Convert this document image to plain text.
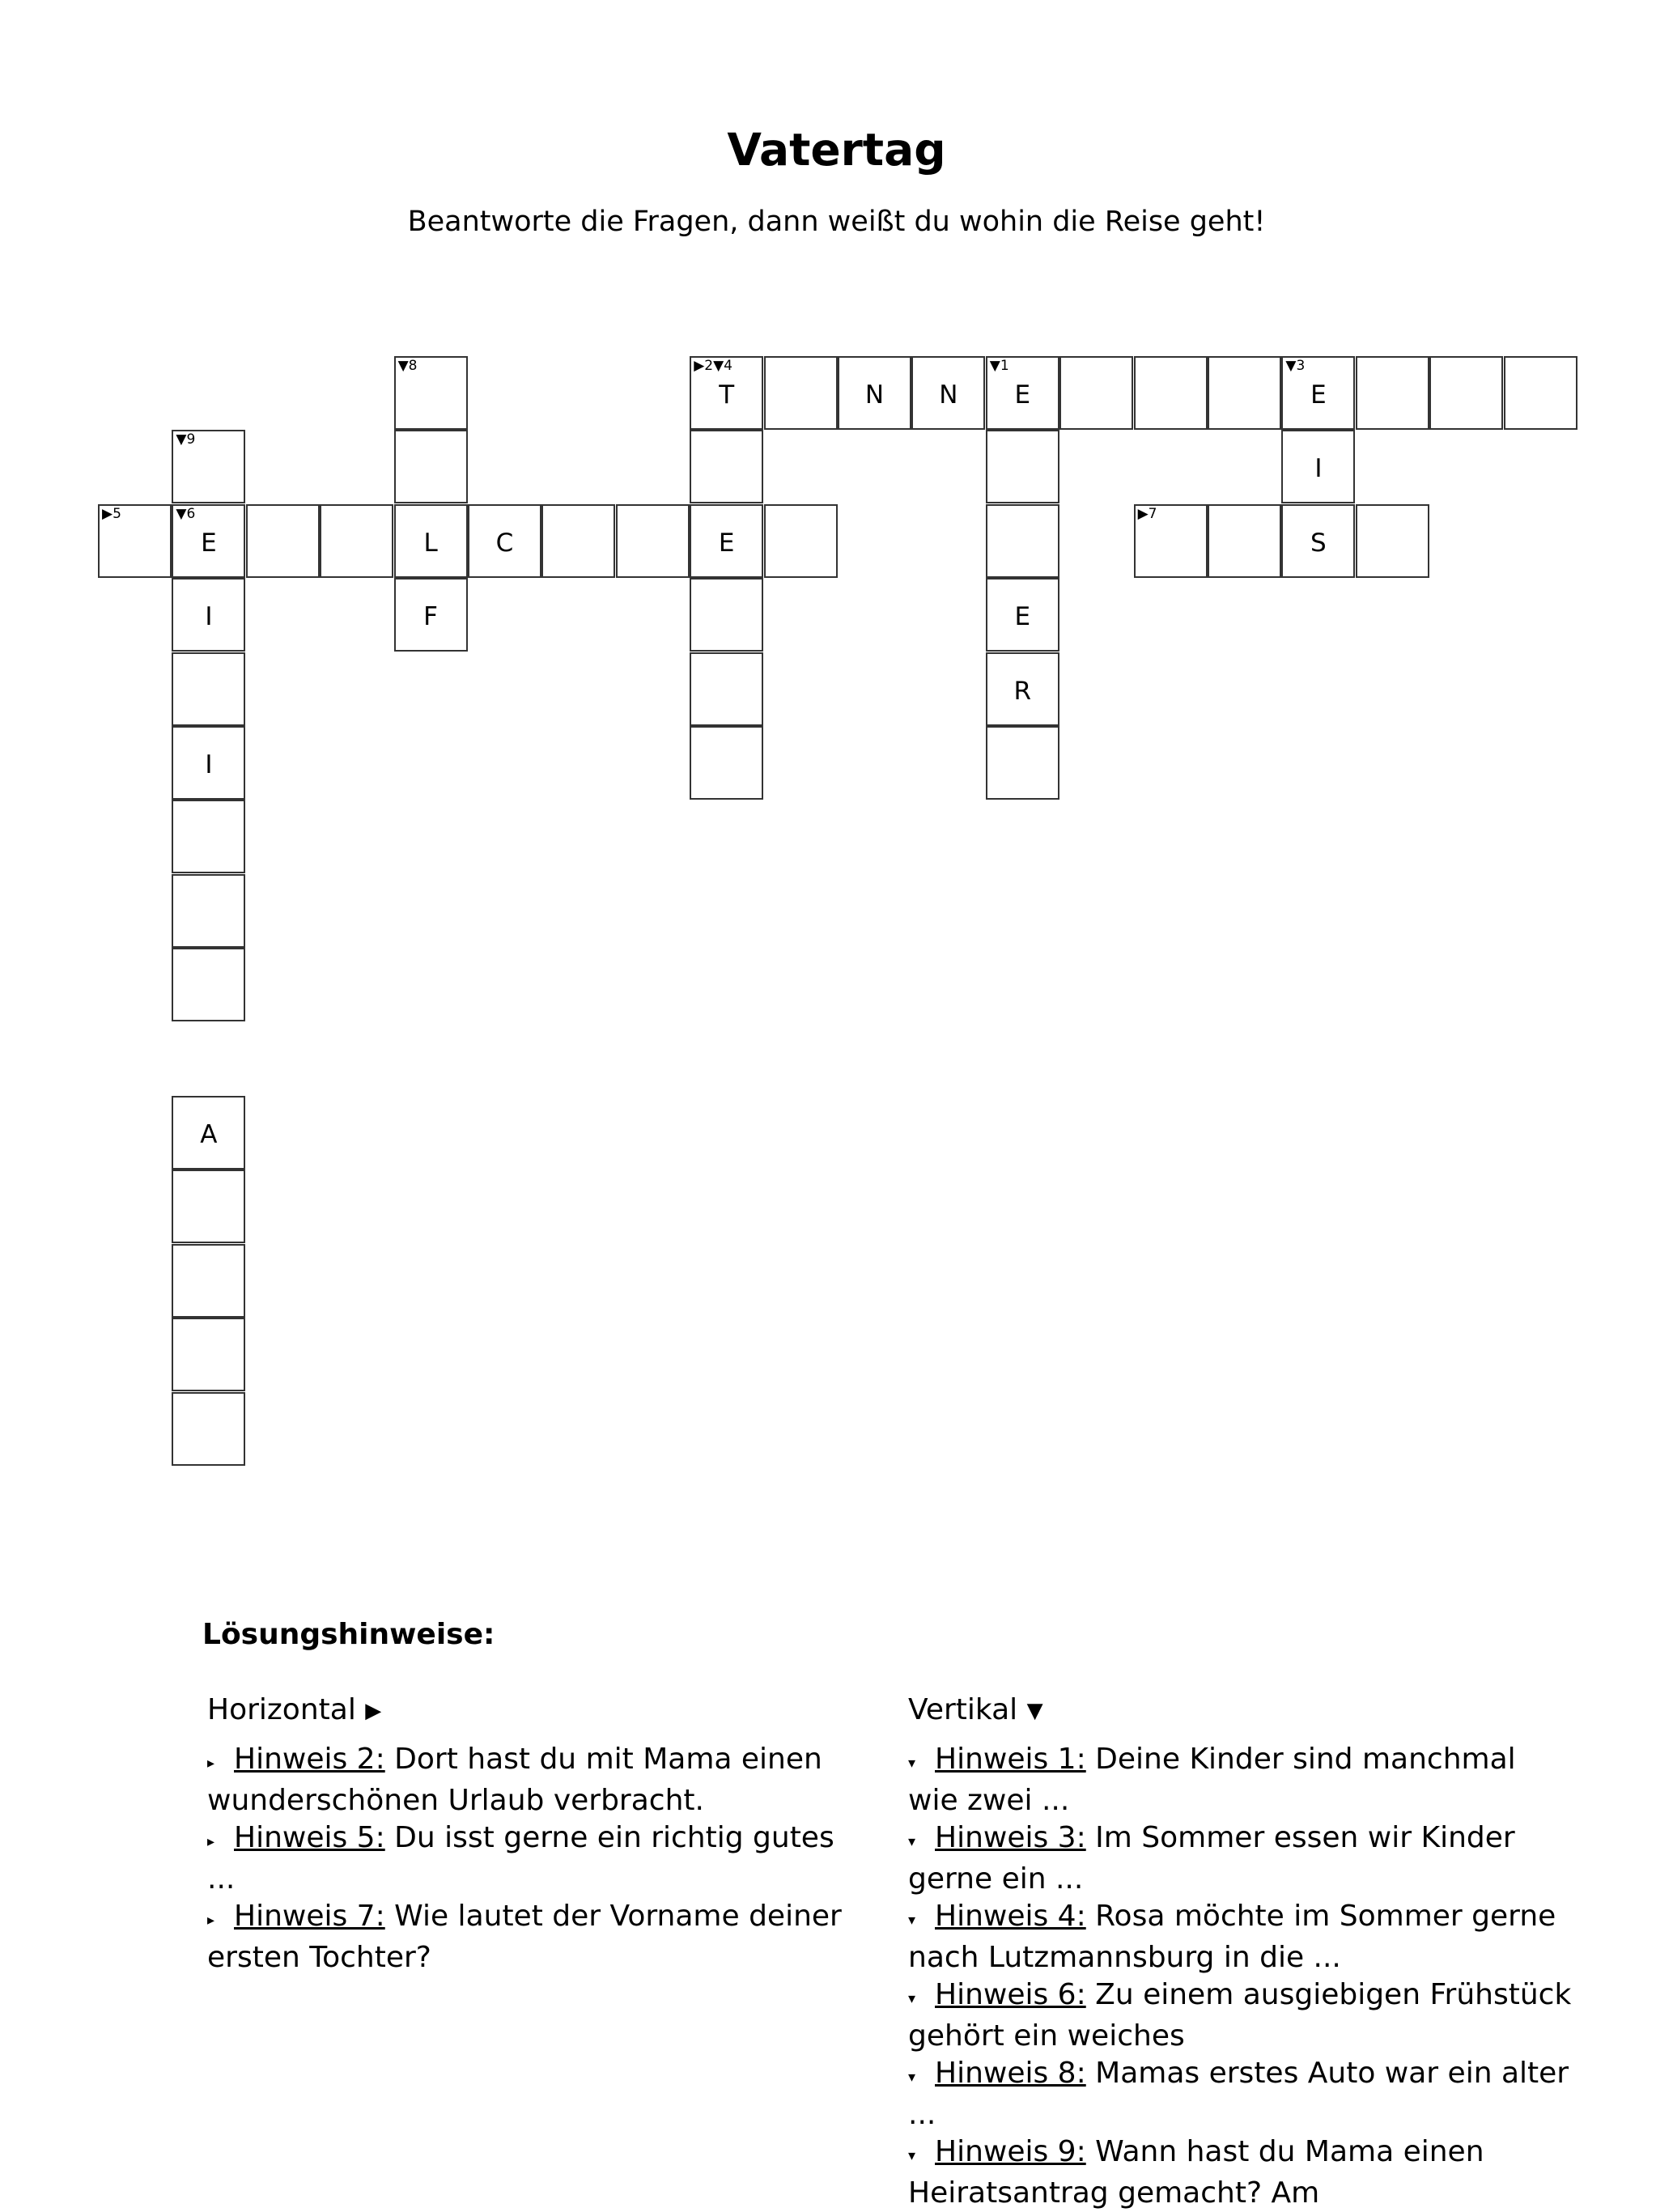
Vatertag
Beantworte die Fragen, dann weißt du wohin die Reise geht!
▼8	▶2▼4
T	N	N
▼1
E
▼3
E
▼9
I
▶5	▼6
E	L	C	E
▶7
S
I	F	E
R
I
A
Lösungshinweise:
Horizontal ▶
▸ Hinweis 2: Dort hast du mit Mama einen wunderschönen Urlaub verbracht.
▸ Hinweis 5: Du isst gerne ein richtig gutes ...
▸ Hinweis 7: Wie lautet der Vorname deiner ersten Tochter?
Vertikal ▼
▾ Hinweis 1: Deine Kinder sind manchmal wie zwei ...
▾ Hinweis 3: Im Sommer essen wir Kinder gerne ein ...
▾ Hinweis 4: Rosa möchte im Sommer gerne nach Lutzmannsburg in die ...
▾ Hinweis 6: Zu einem ausgiebigen Frühstück gehört ein weiches
▾ Hinweis 8: Mamas erstes Auto war ein alter ...
▾ Hinweis 9: Wann hast du Mama einen Heiratsantrag gemacht? Am
